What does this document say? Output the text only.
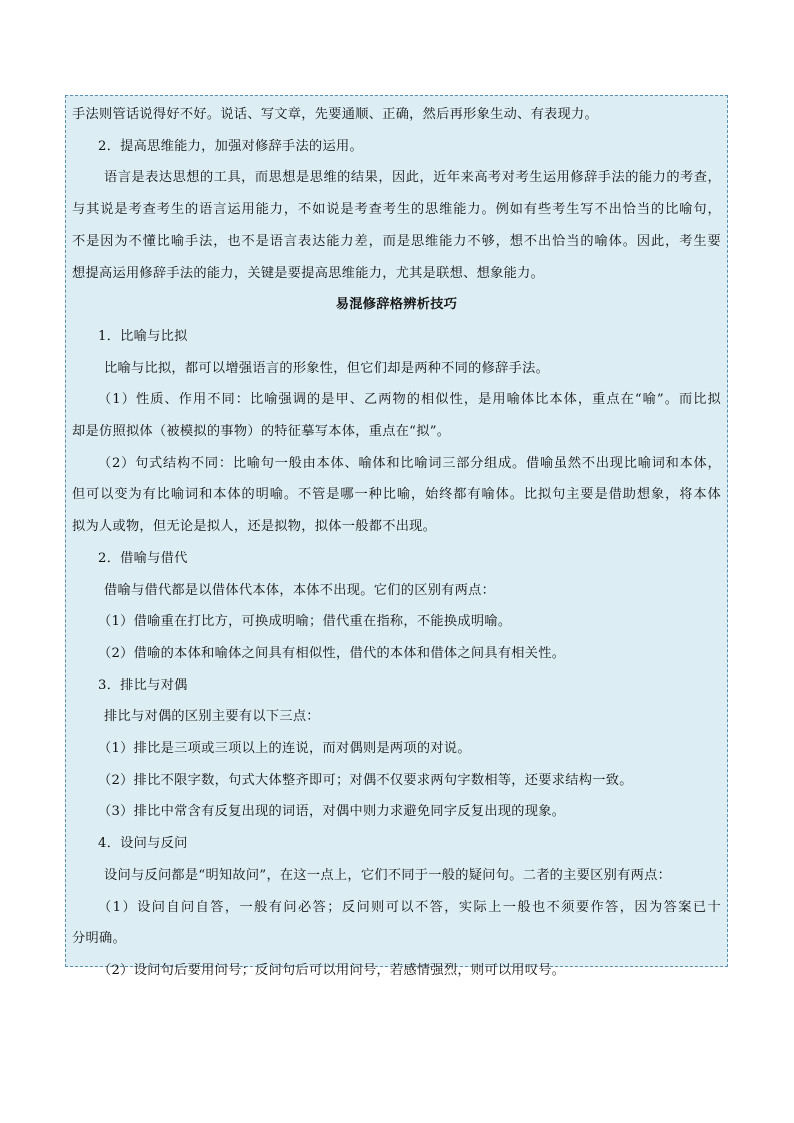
手法则管话说得好不好。说话、写文章，先要通顺、正确，然后再形象生动、有表现力。

2．提高思维能力，加强对修辞手法的运用。

语言是表达思想的工具，而思想是思维的结果，因此，近年来高考对考生运用修辞手法的能力的考查，

与其说是考查考生的语言运用能力，不如说是考查考生的思维能力。例如有些考生写不出恰当的比喻句，

不是因为不懂比喻手法，也不是语言表达能力差，而是思维能力不够，想不出恰当的喻体。因此，考生要

想提高运用修辞手法的能力，关键是要提高思维能力，尤其是联想、想象能力。

易混修辞格辨析技巧

1．比喻与比拟

比喻与比拟，都可以增强语言的形象性，但它们却是两种不同的修辞手法。

（1）性质、作用不同：比喻强调的是甲、乙两物的相似性，是用喻体比本体，重点在“喻”。而比拟

却是仿照拟体（被模拟的事物）的特征摹写本体，重点在“拟”。

（2）句式结构不同：比喻句一般由本体、喻体和比喻词三部分组成。借喻虽然不出现比喻词和本体，

但可以变为有比喻词和本体的明喻。不管是哪一种比喻，始终都有喻体。比拟句主要是借助想象，将本体

拟为人或物，但无论是拟人，还是拟物，拟体一般都不出现。

2．借喻与借代

借喻与借代都是以借体代本体，本体不出现。它们的区别有两点：

（1）借喻重在打比方，可换成明喻；借代重在指称，不能换成明喻。

（2）借喻的本体和喻体之间具有相似性，借代的本体和借体之间具有相关性。

3．排比与对偶

排比与对偶的区别主要有以下三点：

（1）排比是三项或三项以上的连说，而对偶则是两项的对说。

（2）排比不限字数，句式大体整齐即可；对偶不仅要求两句字数相等，还要求结构一致。

（3）排比中常含有反复出现的词语，对偶中则力求避免同字反复出现的现象。

4．设问与反问

设问与反问都是“明知故问”，在这一点上，它们不同于一般的疑问句。二者的主要区别有两点：

（1）设问自问自答，一般有问必答；反问则可以不答，实际上一般也不须要作答，因为答案已十

分明确。

（2）设问句后要用问号；反问句后可以用问号，若感情强烈，则可以用叹号。
